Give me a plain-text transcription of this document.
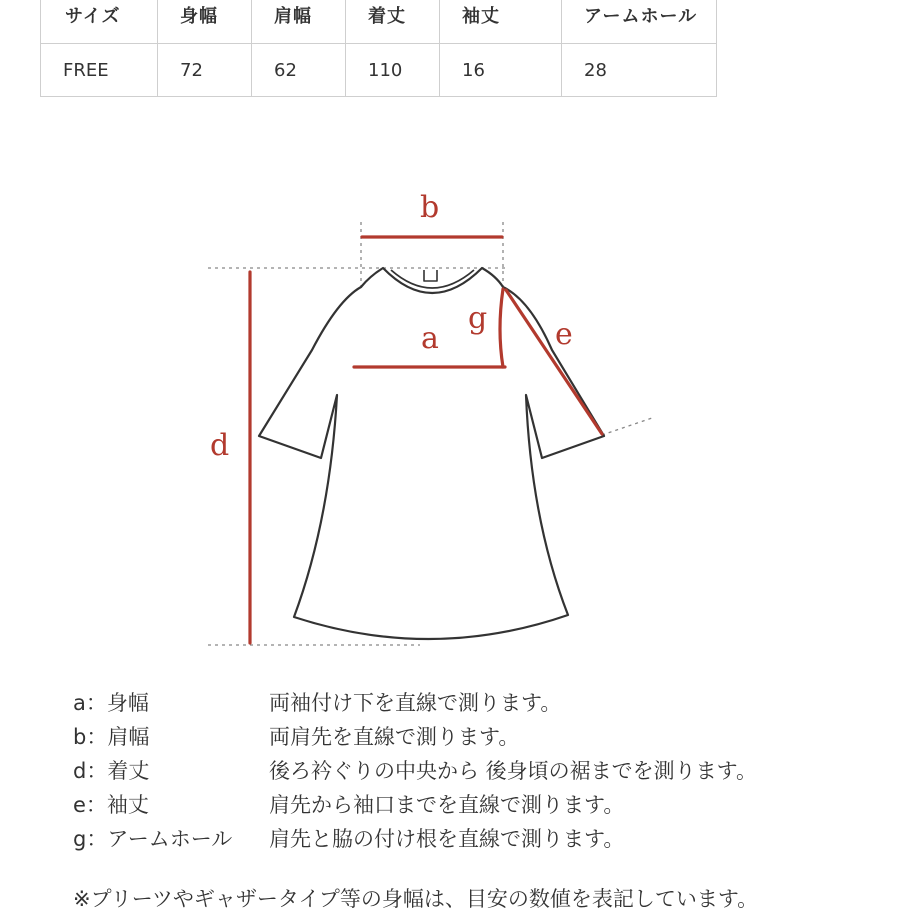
サイズ	身幅	肩幅	着丈	袖丈	アームホール
FREE	72	62	110	16	28
b
d
a
g e
a：身幅	両袖付け下を直線で測ります。
b：肩幅	両肩先を直線で測ります。
d：着丈	後ろ衿ぐりの中央から 後身頃の裾までを測ります。
e：袖丈	肩先から袖口までを直線で測ります。
g：アームホール	肩先と脇の付け根を直線で測ります。
※プリーツやギャザータイプ等の身幅は、目安の数値を表記しています。
